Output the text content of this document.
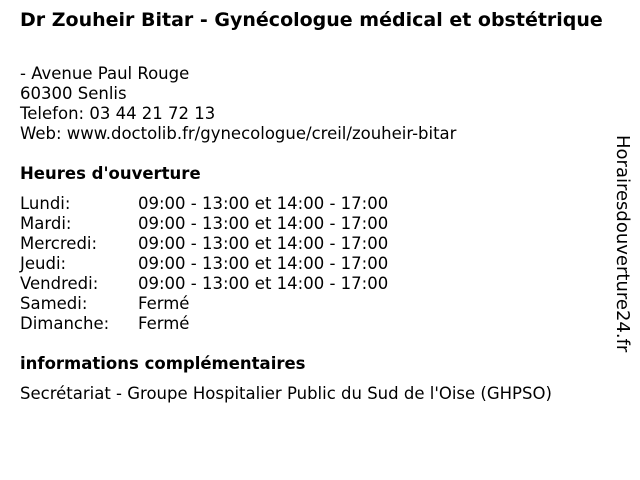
Dr Zouheir Bitar - Gynécologue médical et obstétrique
- Avenue Paul Rouge
60300 Senlis
Telefon: 03 44 21 72 13
Web: www.doctolib.fr/gynecologue/creil/zouheir-bitar
Heures d'ouverture
Lundi:	09:00 - 13:00 et 14:00 - 17:00
Mardi:	09:00 - 13:00 et 14:00 - 17:00
Mercredi:	09:00 - 13:00 et 14:00 - 17:00
Jeudi:	09:00 - 13:00 et 14:00 - 17:00
Vendredi:	09:00 - 13:00 et 14:00 - 17:00
Samedi:	Fermé
Dimanche:	Fermé
informations complémentaires
Secrétariat - Groupe Hospitalier Public du Sud de l'Oise (GHPSO)
Horairesdouverture24.fr
